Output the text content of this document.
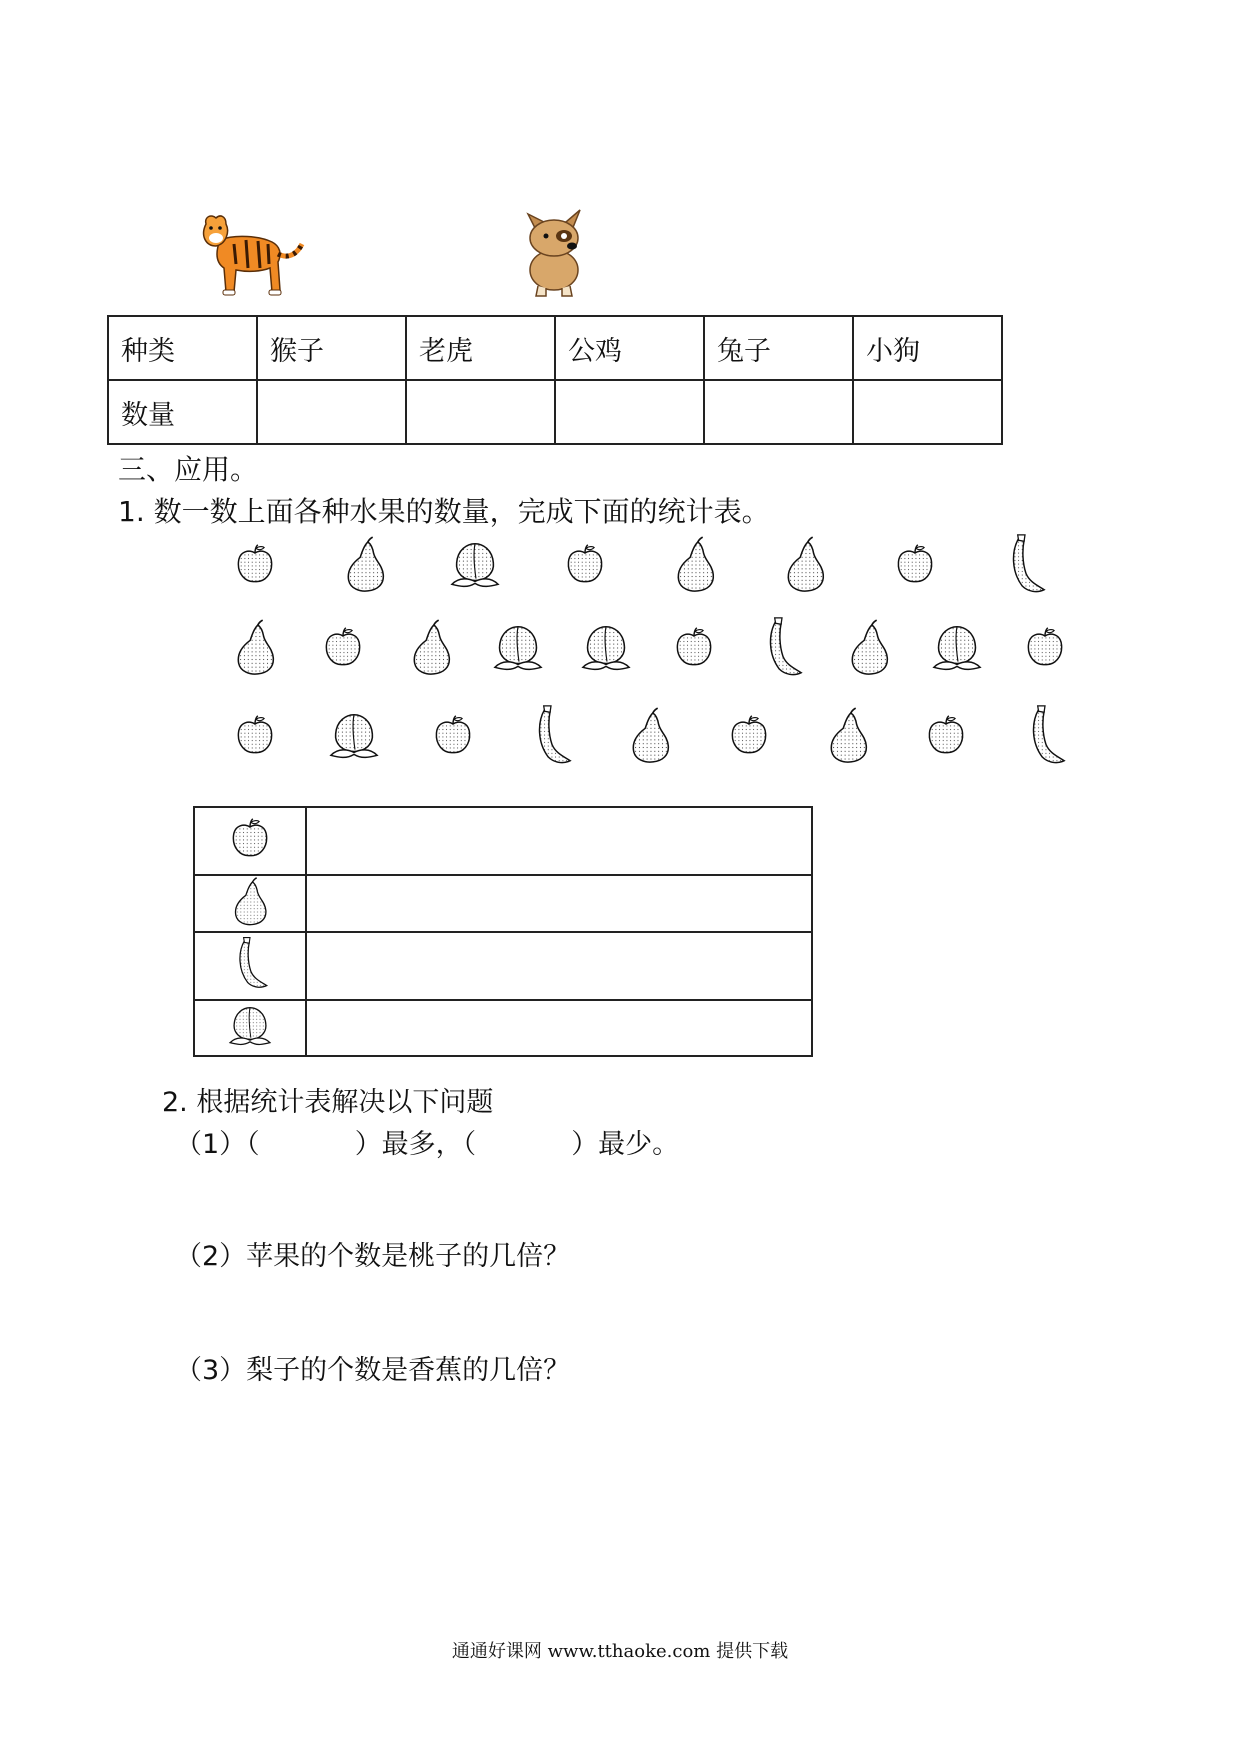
种类	猴子	老虎	公鸡	兔子	小狗
数量					
三、应用。
1. 数一数上面各种水果的数量，完成下面的统计表。

2. 根据统计表解决以下问题
（1）（	）最多，（	）最少。
（2）苹果的个数是桃子的几倍？
（3）梨子的个数是香蕉的几倍？
通通好课网 www.tthaoke.com 提供下载
